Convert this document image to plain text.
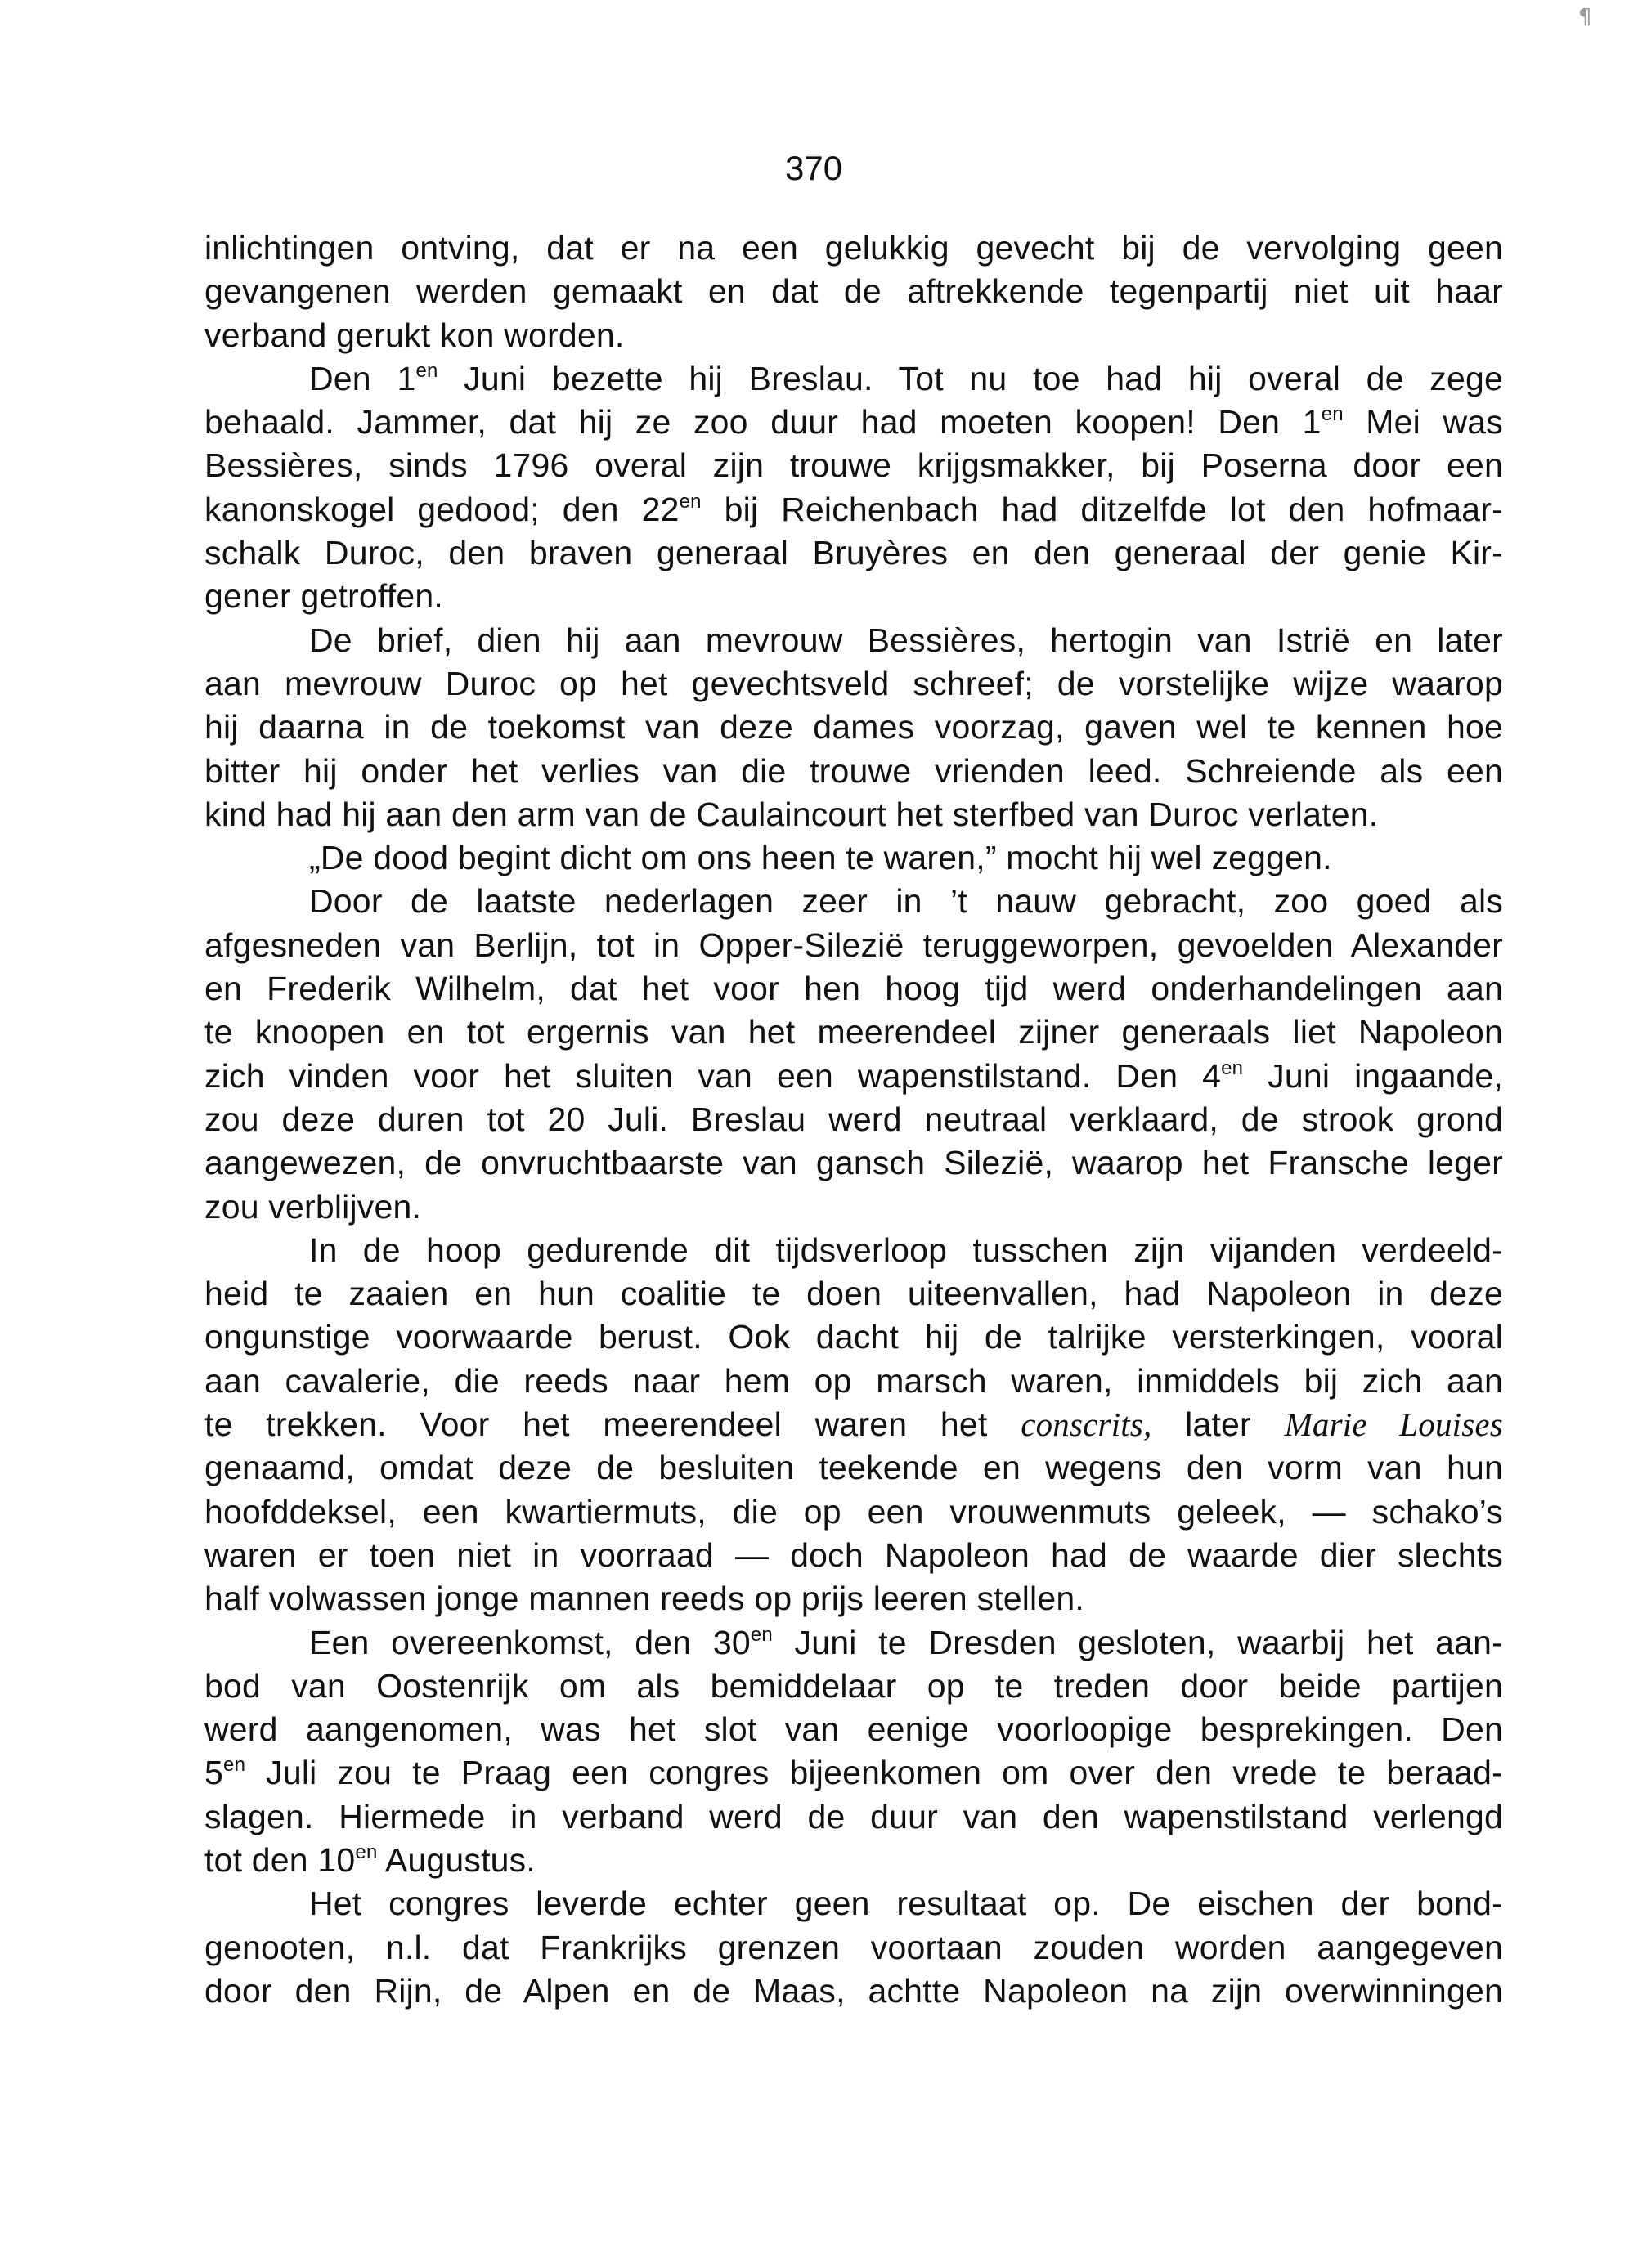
¶
370

inlichtingen ontving, dat er na een gelukkig gevecht bij de vervolging geen
gevangenen werden gemaakt en dat de aftrekkende tegenpartij niet uit haar
verband gerukt kon worden.

Den $1^{en}$ Juni bezette hij Breslau. Tot nu toe had hij overal de zege
behaald. Jammer, dat hij ze zoo duur had moeten koopen! Den $1^{en}$ Mei was
Bessières, sinds 1796 overal zijn trouwe krijgsmakker, bij Poserna door een
kanonskogel gedood; den $22^{en}$ bij Reichenbach had ditzelfde lot den hofmaar-
schalk Duroc, den braven generaal Bruyères en den generaal der genie Kir-
gener getroffen.

De brief, dien hij aan mevrouw Bessières, hertogin van Istrië en later
aan mevrouw Duroc op het gevechtsveld schreef; de vorstelijke wijze waarop
hij daarna in de toekomst van deze dames voorzag, gaven wel te kennen hoe
bitter hij onder het verlies van die trouwe vrienden leed. Schreiende als een
kind had hij aan den arm van de Caulaincourt het sterfbed van Duroc verlaten.

„De dood begint dicht om ons heen te waren,” mocht hij wel zeggen.

Door de laatste nederlagen zeer in ’t nauw gebracht, zoo goed als
afgesneden van Berlijn, tot in Opper-Silezië teruggeworpen, gevoelden Alexander
en Frederik Wilhelm, dat het voor hen hoog tijd werd onderhandelingen aan
te knoopen en tot ergernis van het meerendeel zijner generaals liet Napoleon
zich vinden voor het sluiten van een wapenstilstand. Den $4^{en}$ Juni ingaande,
zou deze duren tot 20 Juli. Breslau werd neutraal verklaard, de strook grond
aangewezen, de onvruchtbaarste van gansch Silezië, waarop het Fransche leger
zou verblijven.

In de hoop gedurende dit tijdsverloop tusschen zijn vijanden verdeeld-
heid te zaaien en hun coalitie te doen uiteenvallen, had Napoleon in deze
ongunstige voorwaarde berust. Ook dacht hij de talrijke versterkingen, vooral
aan cavalerie, die reeds naar hem op marsch waren, inmiddels bij zich aan
te trekken. Voor het meerendeel waren het conscrits, later Marie Louises
genaamd, omdat deze de besluiten teekende en wegens den vorm van hun
hoofddeksel, een kwartiermuts, die op een vrouwenmuts geleek, — schako’s
waren er toen niet in voorraad — doch Napoleon had de waarde dier slechts
half volwassen jonge mannen reeds op prijs leeren stellen.

Een overeenkomst, den $30^{en}$ Juni te Dresden gesloten, waarbij het aan-
bod van Oostenrijk om als bemiddelaar op te treden door beide partijen
werd aangenomen, was het slot van eenige voorloopige besprekingen. Den
$5^{en}$ Juli zou te Praag een congres bijeenkomen om over den vrede te beraad-
slagen. Hiermede in verband werd de duur van den wapenstilstand verlengd
tot den $10^{en}$ Augustus.

Het congres leverde echter geen resultaat op. De eischen der bond-
genooten, n.l. dat Frankrijks grenzen voortaan zouden worden aangegeven
door den Rijn, de Alpen en de Maas, achtte Napoleon na zijn overwinningen
